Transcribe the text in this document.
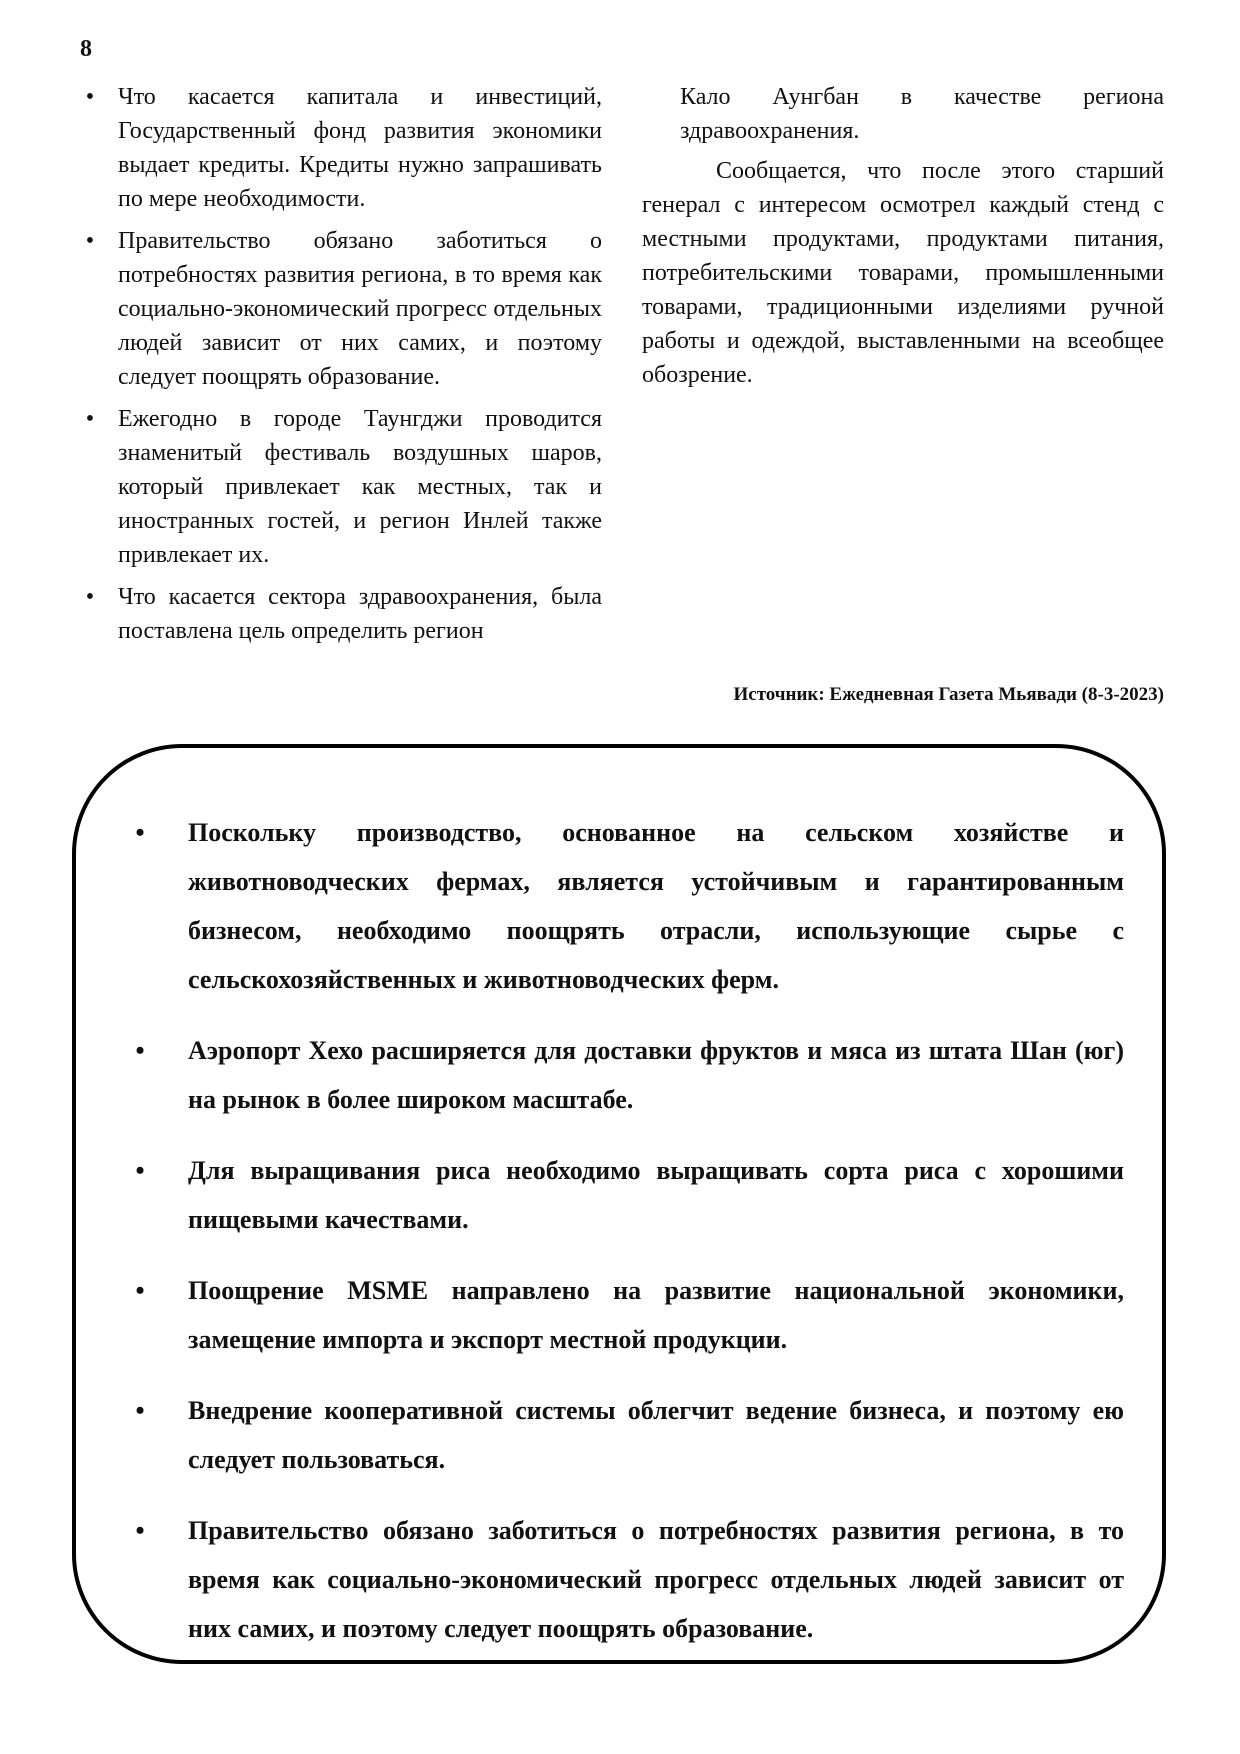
8
• Что касается капитала и инвестиций, Государственный фонд развития экономики выдает кредиты. Кредиты нужно запрашивать по мере необходимости.
• Правительство обязано заботиться о потребностях развития региона, в то время как социально-экономический прогресс отдельных людей зависит от них самих, и поэтому следует поощрять образование.
• Ежегодно в городе Таунгджи проводится знаменитый фестиваль воздушных шаров, который привлекает как местных, так и иностранных гостей, и регион Инлей также привлекает их.
• Что касается сектора здравоохранения, была поставлена цель определить регион
Кало Аунгбан в качестве региона здравоохранения.
Сообщается, что после этого старший генерал с интересом осмотрел каждый стенд с местными продуктами, продуктами питания, потребительскими товарами, промышленными товарами, традиционными изделиями ручной работы и одеждой, выставленными на всеобщее обозрение.
Источник: Ежедневная Газета Мьявади (8-3-2023)
•	Поскольку производство, основанное на сельском хозяйстве и животноводческих фермах, является устойчивым и гарантированным бизнесом, необходимо поощрять отрасли, использующие сырье с сельскохозяйственных и животноводческих ферм.
•	Аэропорт Хехо расширяется для доставки фруктов и мяса из штата Шан (юг) на рынок в более широком масштабе.
•	Для выращивания риса необходимо выращивать сорта риса с хорошими пищевыми качествами.
•	Поощрение MSME направлено на развитие национальной экономики, замещение импорта и экспорт местной продукции.
•	Внедрение кооперативной системы облегчит ведение бизнеса, и поэтому ею следует пользоваться.
•	Правительство обязано заботиться о потребностях развития региона, в то время как социально-экономический прогресс отдельных людей зависит от них самих, и поэтому следует поощрять образование.
